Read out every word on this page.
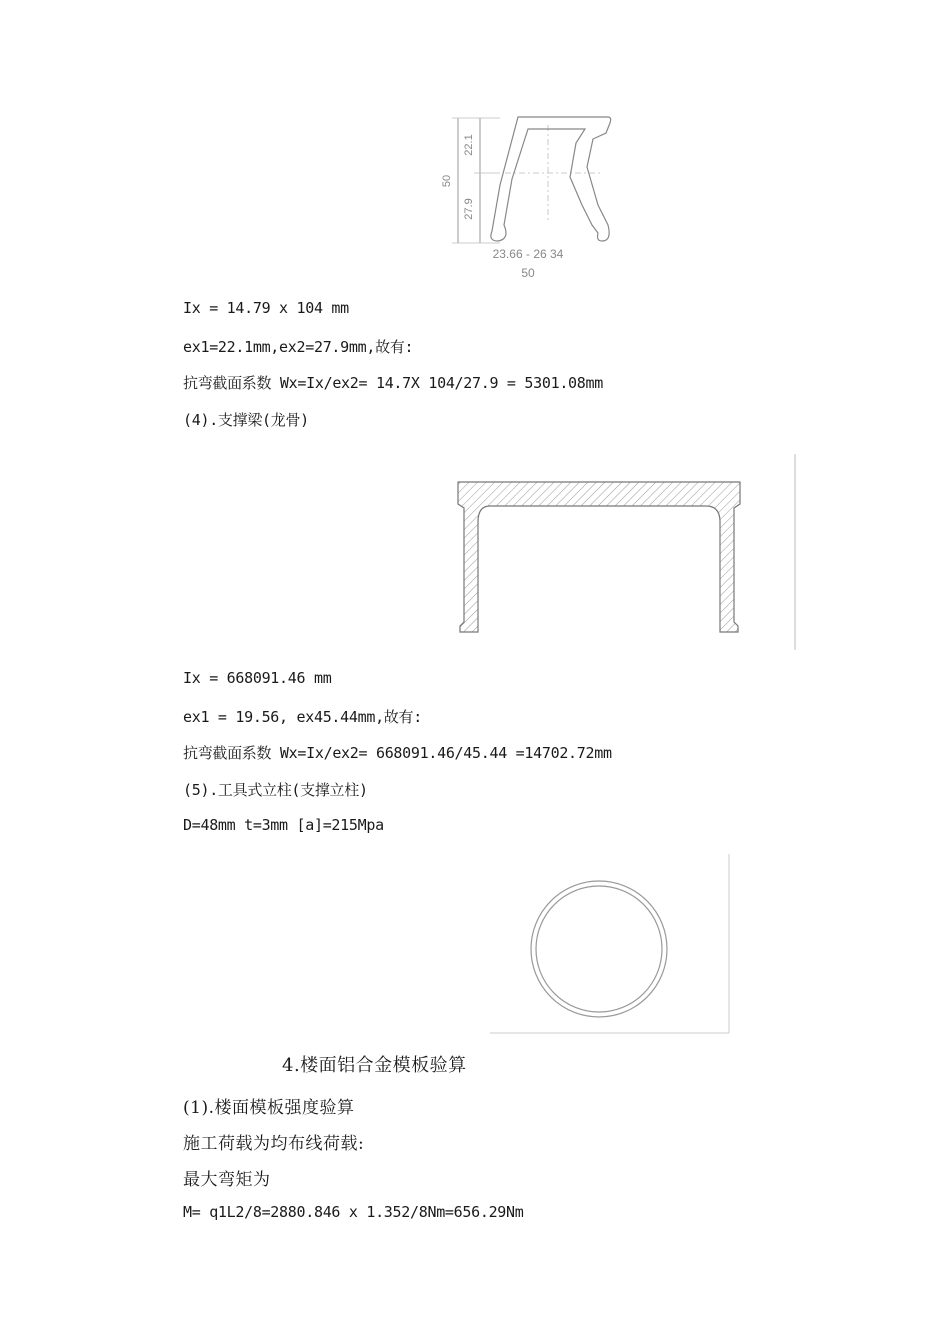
50
22.1
27.9
23.66 - 26 34
50
Ix = 14.79 x 104 mm
ex1=22.1mm,ex2=27.9mm,故有:
抗弯截面系数 Wx=Ix/ex2= 14.7X 104/27.9 = 5301.08mm
(4).支撑梁(龙骨)
Ix = 668091.46 mm
ex1 = 19.56, ex45.44mm,故有:
抗弯截面系数 Wx=Ix/ex2= 668091.46/45.44 =14702.72mm
(5).工具式立柱(支撑立柱)
D=48mm t=3mm [a]=215Mpa
4.楼面铝合金模板验算
(1).楼面模板强度验算
施工荷载为均布线荷载:
最大弯矩为
M= q1L2/8=2880.846 x 1.352/8Nm=656.29Nm
